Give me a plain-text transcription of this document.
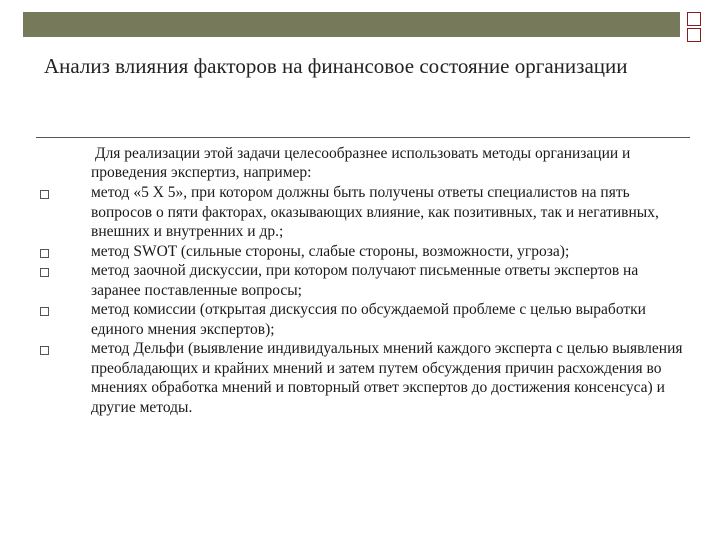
Анализ влияния факторов на финансовое состояние организации

Для реализации этой задачи целесообразнее использовать методы организации и проведения экспертиз, например:

метод «5 Х 5», при котором должны быть получены ответы специалистов на пять вопросов о пяти факторах, оказывающих влияние, как позитивных, так и негативных, внешних и внутренних и др.;
метод SWOT (сильные стороны, слабые стороны, возможности, угроза);
метод заочной дискуссии, при котором получают письменные ответы экспертов на заранее поставленные вопросы;
метод комиссии (открытая дискуссия по обсуждаемой проблеме с целью выработки единого мнения экспертов);
метод Дельфи (выявление индивидуальных мнений каждого эксперта с целью выявления преобладающих и крайних мнений и затем путем обсуждения причин расхождения во мнениях обработка мнений и повторный ответ экспертов до достижения консенсуса) и другие методы.
